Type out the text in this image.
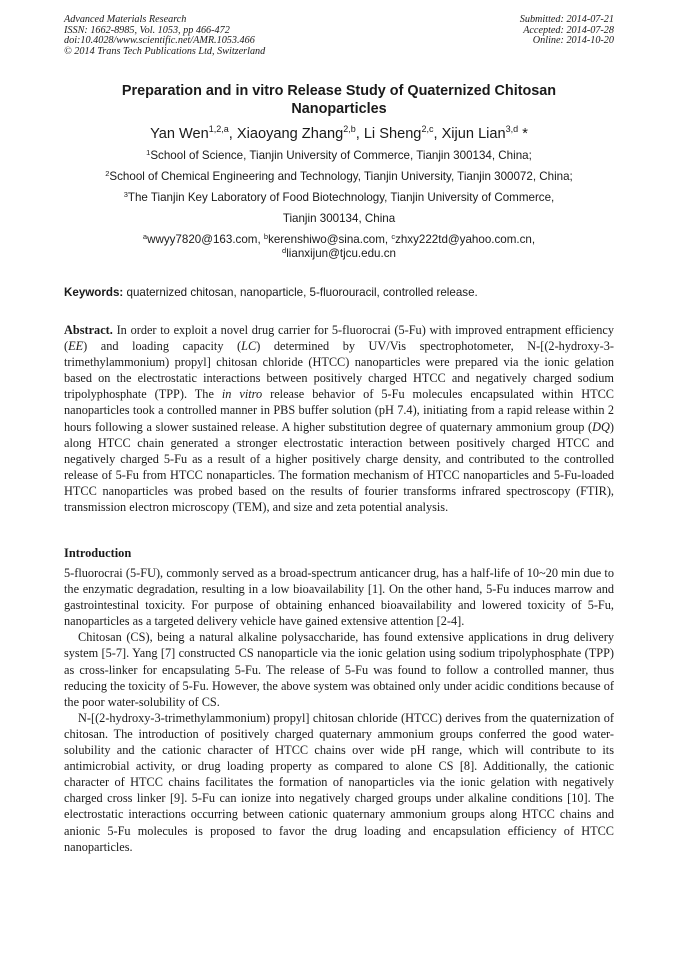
Advanced Materials Research
ISSN: 1662-8985, Vol. 1053, pp 466-472
doi:10.4028/www.scientific.net/AMR.1053.466
© 2014 Trans Tech Publications Ltd, Switzerland
Submitted: 2014-07-21
Accepted: 2014-07-28
Online: 2014-10-20
Preparation and in vitro Release Study of Quaternized Chitosan
Nanoparticles
Yan Wen$^{1,2,a}$, Xiaoyang Zhang$^{2,b}$, Li Sheng$^{2,c}$, Xijun Lian$^{3,d}$ *
$^1$School of Science, Tianjin University of Commerce, Tianjin 300134, China;
$^2$School of Chemical Engineering and Technology, Tianjin University, Tianjin 300072, China;
$^3$The Tianjin Key Laboratory of Food Biotechnology, Tianjin University of Commerce,
Tianjin 300134, China
$^a$wwyy7820@163.com, $^b$kerenshiwo@sina.com, $^c$zhxy222td@yahoo.com.cn,
$^d$lianxijun@tjcu.edu.cn
Keywords: quaternized chitosan, nanoparticle, 5-fluorouracil, controlled release.

Abstract. In order to exploit a novel drug carrier for 5-fluorocrai (5-Fu) with improved entrapment efficiency (EE) and loading capacity (LC) determined by UV/Vis spectrophotometer, N-[(2-hydroxy-3-trimethylammonium) propyl] chitosan chloride (HTCC) nanoparticles were prepared via the ionic gelation based on the electrostatic interactions between positively charged HTCC and negatively charged sodium tripolyphosphate (TPP). The in vitro release behavior of 5-Fu molecules encapsulated within HTCC nanoparticles took a controlled manner in PBS buffer solution (pH 7.4), initiating from a rapid release within 2 hours following a slower sustained release. A higher substitution degree of quaternary ammonium group (DQ) along HTCC chain generated a stronger electrostatic interaction between positively charged HTCC and negatively charged 5-Fu as a result of a higher positively charge density, and contributed to the controlled release of 5-Fu from HTCC nonaparticles. The formation mechanism of HTCC nanoparticles and 5-Fu-loaded HTCC nanoparticles was probed based on the results of fourier transforms infrared spectroscopy (FTIR), transmission electron microscopy (TEM), and size and zeta potential analysis.

Introduction

5-fluorocrai (5-FU), commonly served as a broad-spectrum anticancer drug, has a half-life of 10~20 min due to the enzymatic degradation, resulting in a low bioavailability [1]. On the other hand, 5-Fu induces marrow and gastrointestinal toxicity. For purpose of obtaining enhanced bioavailability and lowered toxicity of 5-Fu, nanoparticles as a targeted delivery vehicle have gained extensive attention [2-4].

Chitosan (CS), being a natural alkaline polysaccharide, has found extensive applications in drug delivery system [5-7]. Yang [7] constructed CS nanoparticle via the ionic gelation using sodium tripolyphosphate (TPP) as cross-linker for encapsulating 5-Fu. The release of 5-Fu was found to follow a controlled manner, thus reducing the toxicity of 5-Fu. However, the above system was obtained only under acidic conditions because of the poor water-solubility of CS.

N-[(2-hydroxy-3-trimethylammonium) propyl] chitosan chloride (HTCC) derives from the quaternization of chitosan. The introduction of positively charged quaternary ammonium groups conferred the good water-solubility and the cationic character of HTCC chains over wide pH range, which will contribute to its antimicrobial activity, or drug loading property as compared to alone CS [8]. Additionally, the cationic character of HTCC chains facilitates the formation of nanoparticles via the ionic gelation with negatively charged cross linker [9]. 5-Fu can ionize into negatively charged groups under alkaline conditions [10]. The electrostatic interactions occurring between cationic quaternary ammonium groups along HTCC chains and anionic 5-Fu molecules is proposed to favor the drug loading and encapsulation efficiency of HTCC nanoparticles.
